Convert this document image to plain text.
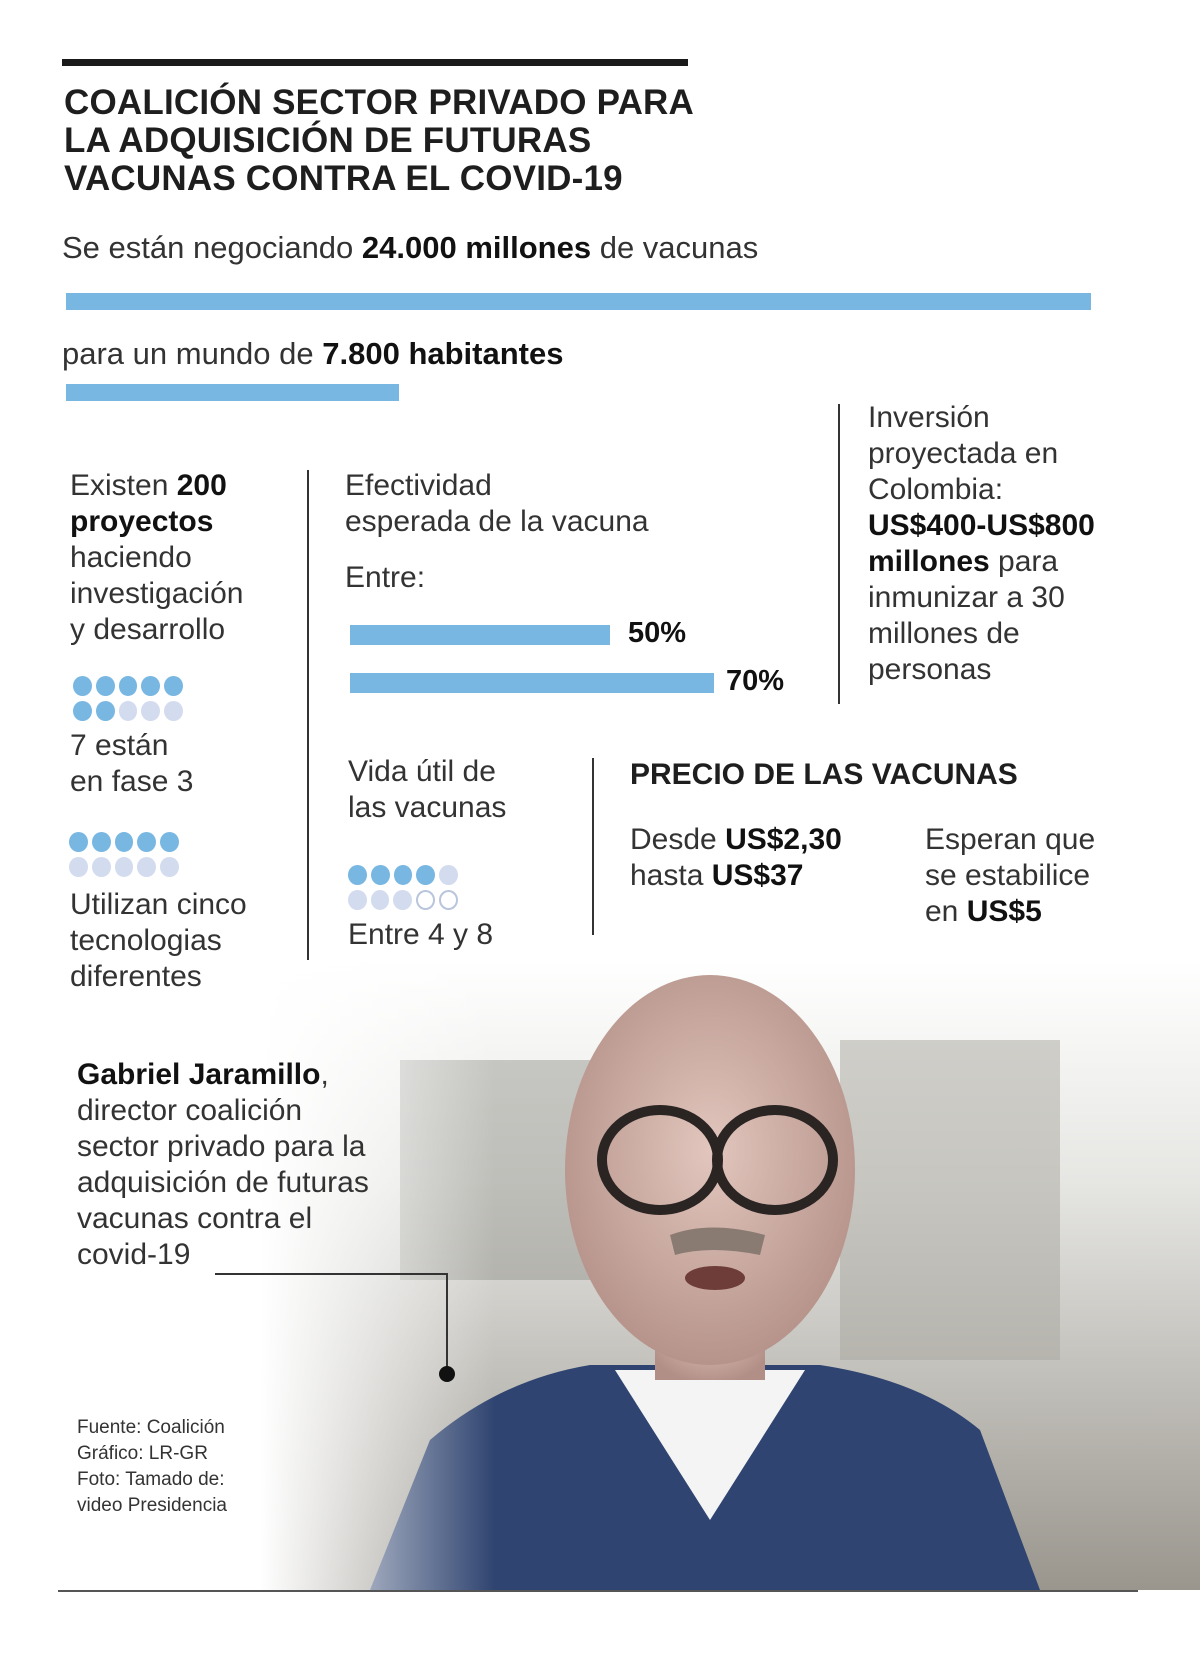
COALICIÓN SECTOR PRIVADO PARA
LA ADQUISICIÓN DE FUTURAS
VACUNAS CONTRA EL COVID-19
Se están negociando 24.000 millones de vacunas
para un mundo de 7.800 habitantes
Existen 200
proyectos
haciendo
investigación
y desarrollo
7 están
en fase 3
Utilizan cinco
tecnologias
diferentes
Efectividad
esperada de la vacuna
Entre:
50%
70%
Inversión
proyectada en
Colombia:
US$400-US$800
millones para
inmunizar a 30
millones de
personas
Vida útil de
las vacunas
Entre 4 y 8
PRECIO DE LAS VACUNAS
Desde US$2,30
hasta US$37
Esperan que
se estabilice
en US$5
Gabriel Jaramillo,
director coalición
sector privado para la
adquisición de futuras
vacunas contra el
covid-19
Fuente: Coalición
Gráfico: LR-GR
Foto: Tamado de:
video Presidencia
